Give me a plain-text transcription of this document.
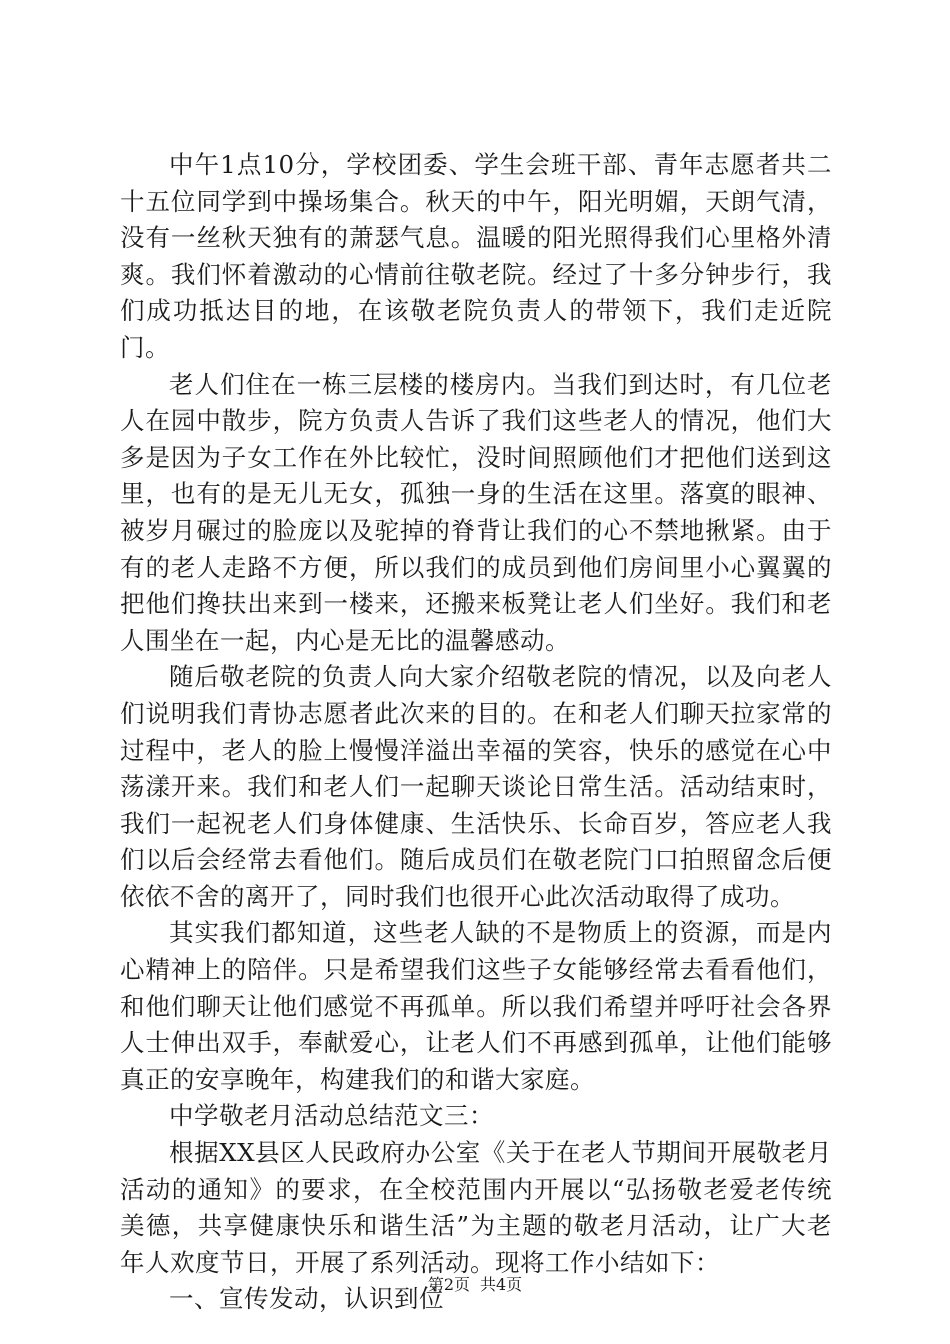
中午1点10分，学校团委、学生会班干部、青年志愿者共二十五位同学到中操场集合。秋天的中午，阳光明媚，天朗气清，没有一丝秋天独有的萧瑟气息。温暖的阳光照得我们心里格外清爽。我们怀着激动的心情前往敬老院。经过了十多分钟步行，我们成功抵达目的地，在该敬老院负责人的带领下，我们走近院门。

老人们住在一栋三层楼的楼房内。当我们到达时，有几位老人在园中散步，院方负责人告诉了我们这些老人的情况，他们大多是因为子女工作在外比较忙，没时间照顾他们才把他们送到这里，也有的是无儿无女，孤独一身的生活在这里。落寞的眼神、被岁月碾过的脸庞以及驼掉的脊背让我们的心不禁地揪紧。由于有的老人走路不方便，所以我们的成员到他们房间里小心翼翼的把他们搀扶出来到一楼来，还搬来板凳让老人们坐好。我们和老人围坐在一起，内心是无比的温馨感动。

随后敬老院的负责人向大家介绍敬老院的情况，以及向老人们说明我们青协志愿者此次来的目的。在和老人们聊天拉家常的过程中，老人的脸上慢慢洋溢出幸福的笑容，快乐的感觉在心中荡漾开来。我们和老人们一起聊天谈论日常生活。活动结束时，我们一起祝老人们身体健康、生活快乐、长命百岁，答应老人我们以后会经常去看他们。随后成员们在敬老院门口拍照留念后便依依不舍的离开了，同时我们也很开心此次活动取得了成功。

其实我们都知道，这些老人缺的不是物质上的资源，而是内心精神上的陪伴。只是希望我们这些子女能够经常去看看他们，和他们聊天让他们感觉不再孤单。所以我们希望并呼吁社会各界人士伸出双手，奉献爱心，让老人们不再感到孤单，让他们能够真正的安享晚年，构建我们的和谐大家庭。

中学敬老月活动总结范文三：

根据XX县区人民政府办公室《关于在老人节期间开展敬老月活动的通知》的要求，在全校范围内开展以“弘扬敬老爱老传统美德，共享健康快乐和谐生活”为主题的敬老月活动，让广大老年人欢度节日，开展了系列活动。现将工作小结如下：

一、宣传发动，认识到位

第2页 共4页
